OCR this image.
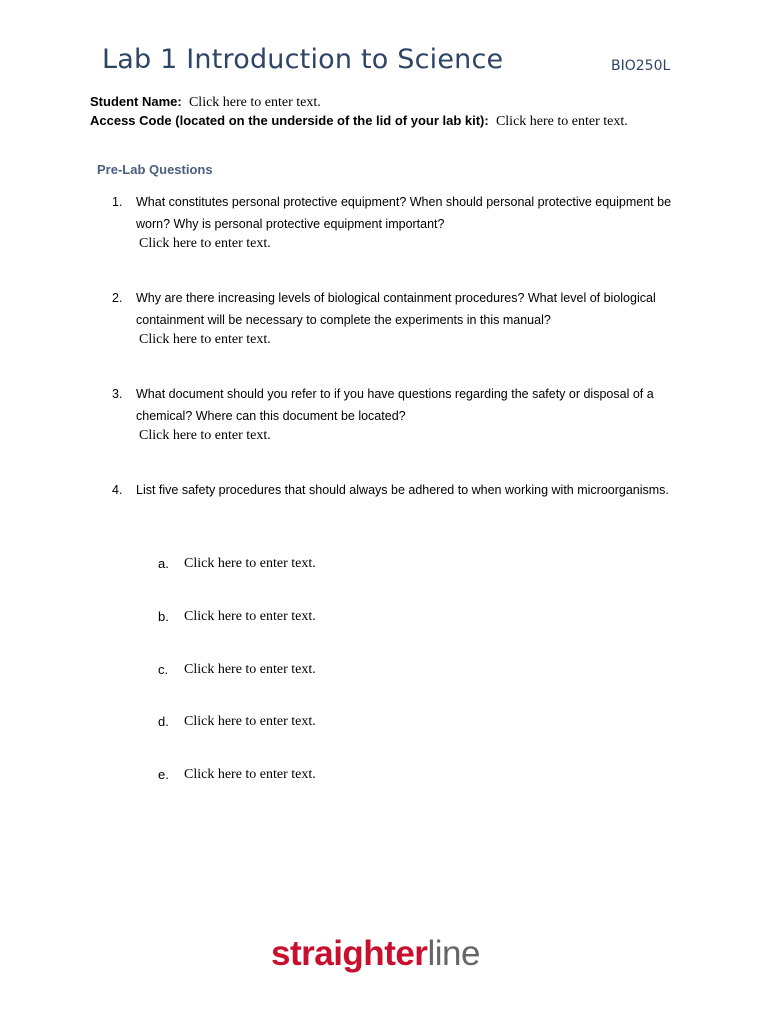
Lab 1 Introduction to Science	BIO250L
Student Name: Click here to enter text.
Access Code (located on the underside of the lid of your lab kit): Click here to enter text.
Pre-Lab Questions
1.	What constitutes personal protective equipment? When should personal protective equipment be worn? Why is personal protective equipment important?
Click here to enter text.
2.	Why are there increasing levels of biological containment procedures? What level of biological containment will be necessary to complete the experiments in this manual?
Click here to enter text.
3.	What document should you refer to if you have questions regarding the safety or disposal of a chemical? Where can this document be located?
Click here to enter text.
4.	List five safety procedures that should always be adhered to when working with microorganisms.
a. Click here to enter text.
b. Click here to enter text.
c. Click here to enter text.
d. Click here to enter text.
e. Click here to enter text.
straighterline
